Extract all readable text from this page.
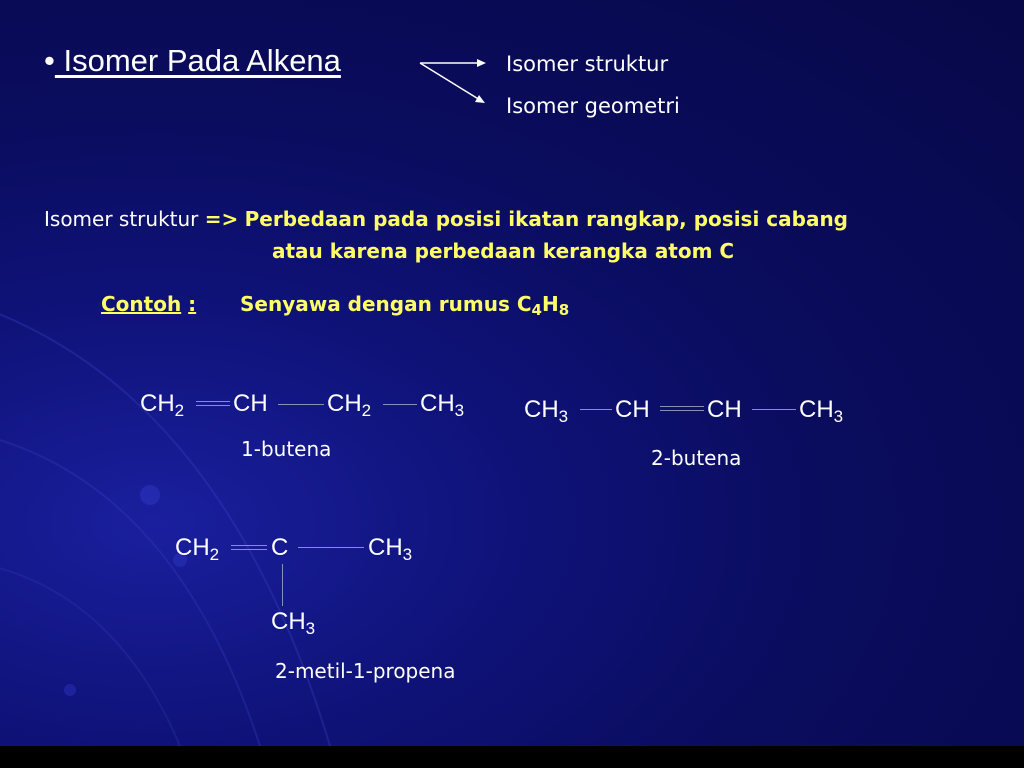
• Isomer Pada Alkena	Isomer struktur
Isomer geometri
Isomer struktur => Perbedaan pada posisi ikatan rangkap, posisi cabang
atau karena perbedaan kerangka atom C
Contoh : Senyawa dengan rumus $C_4H_8$
$CH_2$ CH $CH_2$ $CH_3$
1-butena
$CH_3$ CH CH $CH_3$
2-butena
$CH_2$ C	$CH_3$
$CH_3$
2-metil-1-propena
